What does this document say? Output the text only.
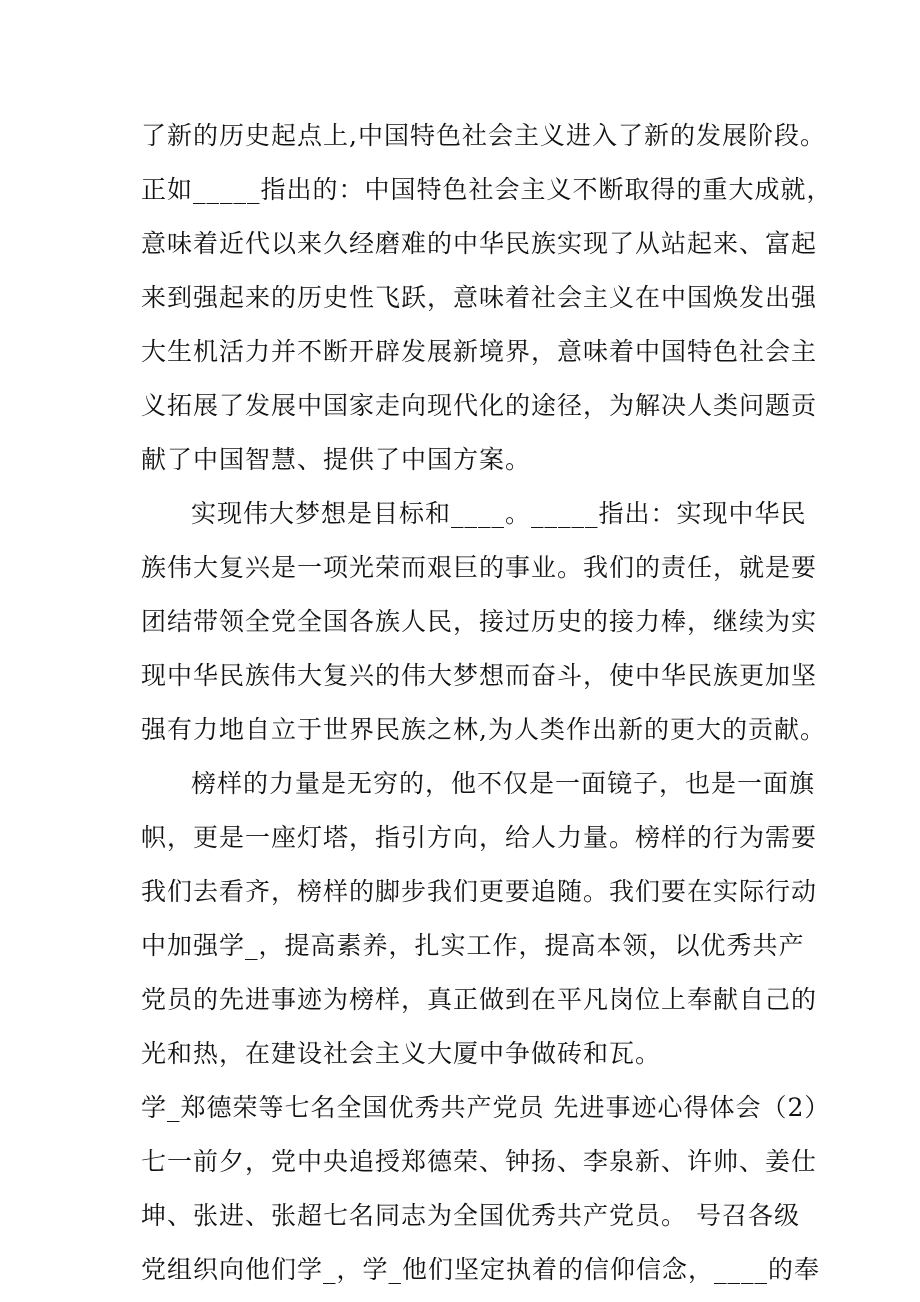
了新的历史起点上,中国特色社会主义进入了新的发展阶段。
正如_____指出的：中国特色社会主义不断取得的重大成就，
意味着近代以来久经磨难的中华民族实现了从站起来、富起
来到强起来的历史性飞跃，意味着社会主义在中国焕发出强
大生机活力并不断开辟发展新境界，意味着中国特色社会主
义拓展了发展中国家走向现代化的途径，为解决人类问题贡
献了中国智慧、提供了中国方案。
实现伟大梦想是目标和____。_____指出：实现中华民
族伟大复兴是一项光荣而艰巨的事业。我们的责任，就是要
团结带领全党全国各族人民，接过历史的接力棒，继续为实
现中华民族伟大复兴的伟大梦想而奋斗，使中华民族更加坚
强有力地自立于世界民族之林,为人类作出新的更大的贡献。
榜样的力量是无穷的，他不仅是一面镜子，也是一面旗
帜，更是一座灯塔，指引方向，给人力量。榜样的行为需要
我们去看齐，榜样的脚步我们更要追随。我们要在实际行动
中加强学_，提高素养，扎实工作，提高本领，以优秀共产
党员的先进事迹为榜样，真正做到在平凡岗位上奉献自己的
光和热，在建设社会主义大厦中争做砖和瓦。
学_郑德荣等七名全国优秀共产党员 先进事迹心得体会（2）
七一前夕，党中央追授郑德荣、钟扬、李泉新、许帅、姜仕
坤、张进、张超七名同志为全国优秀共产党员。 号召各级
党组织向他们学_，学_他们坚定执着的信仰信念，____的奉
